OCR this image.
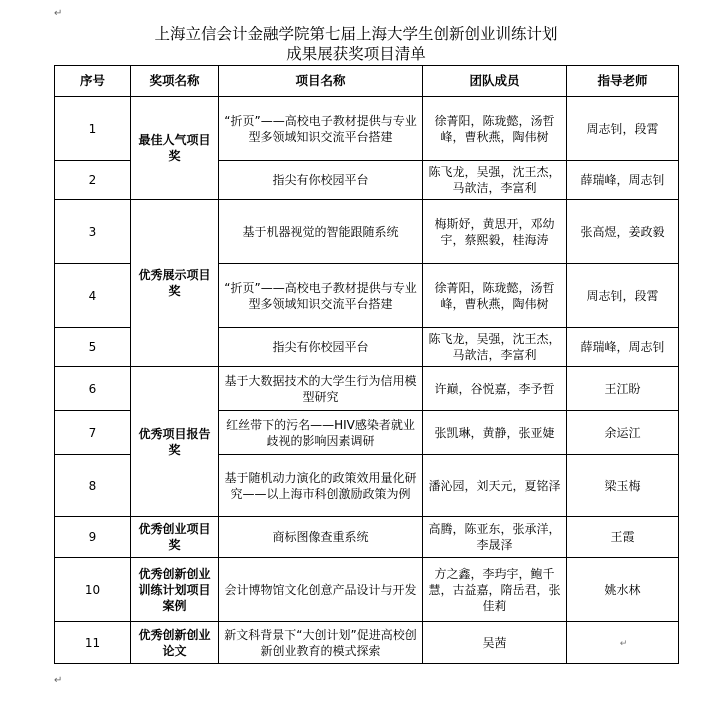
↵
上海立信会计金融学院第七届上海大学生创新创业训练计划
成果展获奖项目清单
序号	奖项名称	项目名称	团队成员	指导老师
1	最佳人气项目奖	“折页”——高校电子教材提供与专业型多领域知识交流平台搭建	徐菁阳，陈珑懿，汤哲峰，曹秋燕，陶伟树	周志钊，段霄
2		指尖有你校园平台	陈飞龙，吴强，沈王杰，马歆洁，李富利	薛瑞峰，周志钊
3	优秀展示项目奖	基于机器视觉的智能跟随系统	梅斯妤，黄思开，邓幼宇，蔡熙毅，桂海涛	张高煜，姜政毅
4		“折页”——高校电子教材提供与专业型多领域知识交流平台搭建	徐菁阳，陈珑懿，汤哲峰，曹秋燕，陶伟树	周志钊，段霄
5		指尖有你校园平台	陈飞龙，吴强，沈王杰，马歆洁，李富利	薛瑞峰，周志钊
6	优秀项目报告奖	基于大数据技术的大学生行为信用模型研究	许巅，谷悦嘉，李予哲	王江盼
7		红丝带下的污名——HIV感染者就业歧视的影响因素调研	张凯琳，黄静，张亚婕	余运江
8		基于随机动力演化的政策效用量化研究——以上海市科创激励政策为例	潘沁园，刘天元，夏铭泽	梁玉梅
9	优秀创业项目奖	商标图像查重系统	高腾，陈亚东，张承洋，李晟泽	王霞
10	优秀创新创业训练计划项目案例	会计博物馆文化创意产品设计与开发	方之鑫，李玙宇，鲍千慧，古益嘉，隋岳君，张佳莉	姚水林
11	优秀创新创业论文	新文科背景下“大创计划”促进高校创新创业教育的模式探索	吴茜	↵
↵
